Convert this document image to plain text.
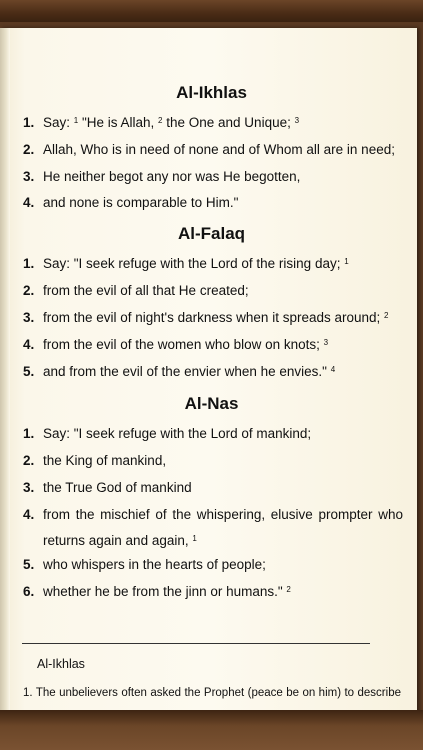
Al-Ikhlas
1. Say: $^1$ "He is Allah, $^2$ the One and Unique; $^3$
2. Allah, Who is in need of none and of Whom all are in need;
3. He neither begot any nor was He begotten,
4. and none is comparable to Him."
Al-Falaq
1. Say: "I seek refuge with the Lord of the rising day; $^1$
2. from the evil of all that He created;
3. from the evil of night's darkness when it spreads around; $^2$
4. from the evil of the women who blow on knots; $^3$
5. and from the evil of the envier when he envies." $^4$
Al-Nas
1. Say: "I seek refuge with the Lord of mankind;
2. the King of mankind,
3. the True God of mankind
4. from the mischief of the whispering, elusive prompter who returns again and again, $^1$
5. who whispers in the hearts of people;
6. whether he be from the jinn or humans." $^2$
Al-Ikhlas
1. The unbelievers often asked the Prophet (peace be on him) to describe
